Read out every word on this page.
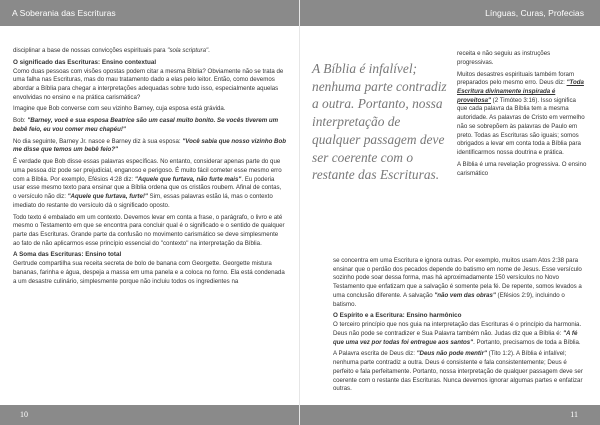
A Soberania das Escrituras

disciplinar a base de nossas convicções espirituais para "sola scriptura".

O significado das Escrituras: Ensino contextual

Como duas pessoas com visões opostas podem citar a mesma Bíblia? Obviamente não se trata de uma falha nas Escrituras, mas do mau tratamento dado a elas pelo leitor. Então, como devemos abordar a Bíblia para chegar a interpretações adequadas sobre tudo isso, especialmente aquelas envolvidas no ensino e na prática carismática?

Imagine que Bob converse com seu vizinho Barney, cuja esposa está grávida.

Bob: "Barney, você e sua esposa Beatrice são um casal muito bonito. Se vocês tiverem um bebê feio, eu vou comer meu chapéu!"

No dia seguinte, Barney Jr. nasce e Barney diz à sua esposa: "Você sabia que nosso vizinho Bob me disse que temos um bebê feio?"

É verdade que Bob disse essas palavras específicas. No entanto, considerar apenas parte do que uma pessoa diz pode ser prejudicial, enganoso e perigoso. É muito fácil cometer esse mesmo erro com a Bíblia. Por exemplo, Efésios 4:28 diz: "Aquele que furtava, não furte mais". Eu poderia usar esse mesmo texto para ensinar que a Bíblia ordena que os cristãos roubem. Afinal de contas, o versículo não diz: "Aquele que furtava, furte!" Sim, essas palavras estão lá, mas o contexto imediato do restante do versículo dá o significado oposto.

Todo texto é embalado em um contexto. Devemos levar em conta a frase, o parágrafo, o livro e até mesmo o Testamento em que se encontra para concluir qual é o significado e o sentido de qualquer parte das Escrituras. Grande parte da confusão no movimento carismático se deve simplesmente ao fato de não aplicarmos esse princípio essencial do "contexto" na interpretação da Bíblia.

A Soma das Escrituras: Ensino total

Gertrude compartilha sua receita secreta de bolo de banana com Georgette. Georgette mistura bananas, farinha e água, despeja a massa em uma panela e a coloca no forno. Ela está condenada a um desastre culinário, simplesmente porque não incluiu todos os ingredientes na

10
Línguas, Curas, Profecias
A Bíblia é infalível; nenhuma parte contradiz a outra. Portanto, nossa interpretação de qualquer passagem deve ser coerente com o restante das Escrituras.

receita e não seguiu as instruções progressivas.

Muitos desastres espirituais também foram preparados pelo mesmo erro. Deus diz: "Toda Escritura divinamente inspirada é proveitosa" (2 Timóteo 3:16). Isso significa que cada palavra da Bíblia tem a mesma autoridade. As palavras de Cristo em vermelho não se sobrepõem às palavras de Paulo em preto. Todas as Escrituras são iguais; somos obrigados a levar em conta toda a Bíblia para identificarmos nossa doutrina e prática.

A Bíblia é uma revelação progressiva. O ensino carismático

se concentra em uma Escritura e ignora outras. Por exemplo, muitos usam Atos 2:38 para ensinar que o perdão dos pecados depende do batismo em nome de Jesus. Esse versículo sozinho pode soar dessa forma, mas há aproximadamente 150 versículos no Novo Testamento que enfatizam que a salvação é somente pela fé. De repente, somos levados a uma conclusão diferente. A salvação "não vem das obras" (Efésios 2:9), incluindo o batismo.

O Espírito e a Escritura: Ensino harmônico

O terceiro princípio que nos guia na interpretação das Escrituras é o princípio da harmonia. Deus não pode se contradizer e Sua Palavra também não. Judas diz que a Bíblia é: "A fé que uma vez por todas foi entregue aos santos". Portanto, precisamos de toda a Bíblia.

A Palavra escrita de Deus diz: "Deus não pode mentir" (Tito 1:2). A Bíblia é infalível; nenhuma parte contradiz a outra. Deus é consistente e fala consistentemente; Deus é perfeito e fala perfeitamente. Portanto, nossa interpretação de qualquer passagem deve ser coerente com o restante das Escrituras. Nunca devemos ignorar algumas partes e enfatizar outras.

11
